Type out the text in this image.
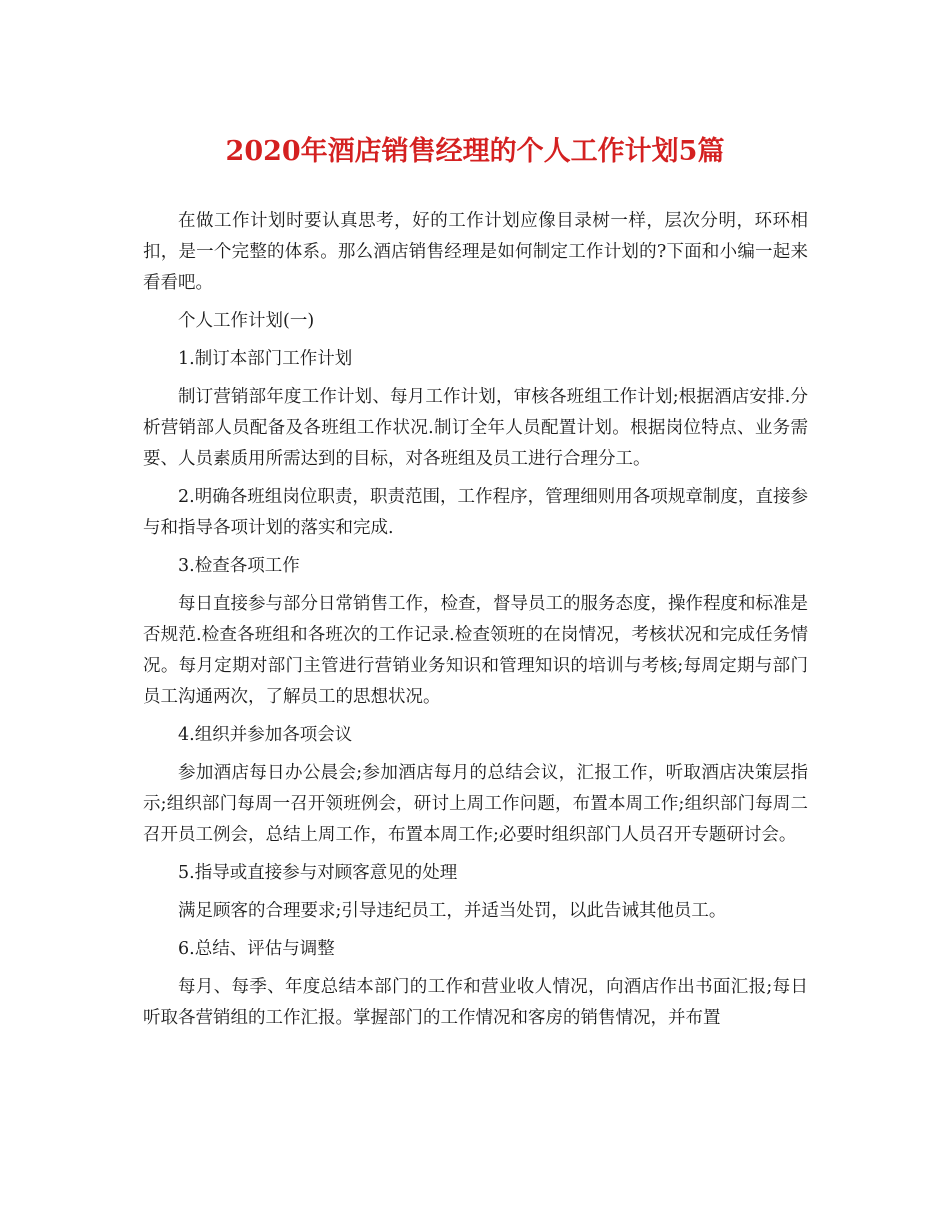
2020年酒店销售经理的个人工作计划5篇

在做工作计划时要认真思考，好的工作计划应像目录树一样，层次分明，环环相扣，是一个完整的体系。那么酒店销售经理是如何制定工作计划的?下面和小编一起来看看吧。

个人工作计划(一)

1.制订本部门工作计划

制订营销部年度工作计划、每月工作计划，审核各班组工作计划;根据酒店安排.分析营销部人员配备及各班组工作状况.制订全年人员配置计划。根据岗位特点、业务需要、人员素质用所需达到的目标，对各班组及员工进行合理分工。

2.明确各班组岗位职责，职责范围，工作程序，管理细则用各项规章制度，直接参与和指导各项计划的落实和完成.

3.检查各项工作

每日直接参与部分日常销售工作，检查，督导员工的服务态度，操作程度和标准是否规范.检查各班组和各班次的工作记录.检查领班的在岗情况，考核状况和完成任务情况。每月定期对部门主管进行营销业务知识和管理知识的培训与考核;每周定期与部门员工沟通两次，了解员工的思想状况。

4.组织并参加各项会议

参加酒店每日办公晨会;参加酒店每月的总结会议，汇报工作，听取酒店决策层指示;组织部门每周一召开领班例会，研讨上周工作问题，布置本周工作;组织部门每周二召开员工例会，总结上周工作，布置本周工作;必要时组织部门人员召开专题研讨会。

5.指导或直接参与对顾客意见的处理

满足顾客的合理要求;引导违纪员工，并适当处罚，以此告诫其他员工。

6.总结、评估与调整

每月、每季、年度总结本部门的工作和营业收人情况，向酒店作出书面汇报;每日听取各营销组的工作汇报。掌握部门的工作情况和客房的销售情况，并布置
